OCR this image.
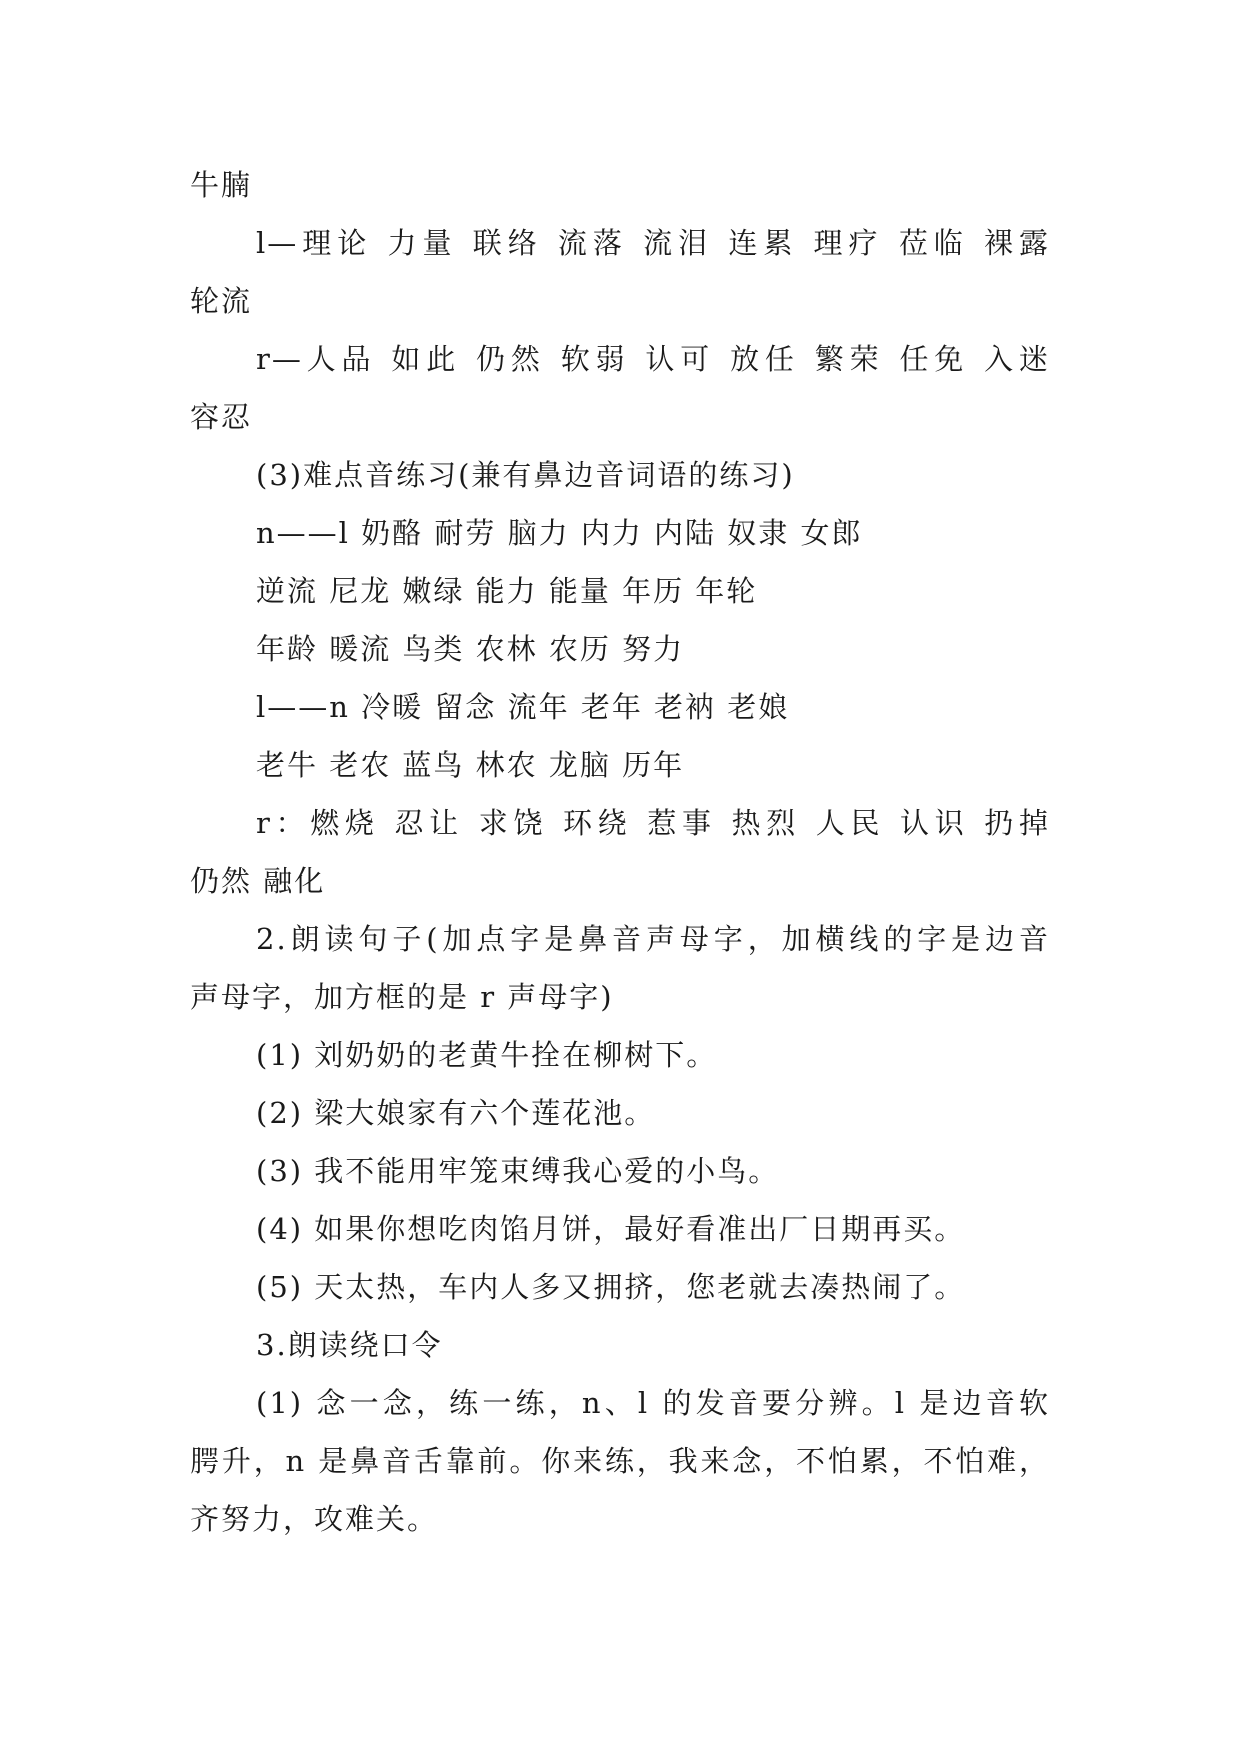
牛腩
l—理论 力量 联络 流落 流泪 连累 理疗 莅临 裸露
轮流
r—人品 如此 仍然 软弱 认可 放任 繁荣 任免 入迷
容忍
(3)难点音练习(兼有鼻边音词语的练习)
n——l 奶酪 耐劳 脑力 内力 内陆 奴隶 女郎
逆流 尼龙 嫩绿 能力 能量 年历 年轮
年龄 暖流 鸟类 农林 农历 努力
l——n 冷暖 留念 流年 老年 老衲 老娘
老牛 老农 蓝鸟 林农 龙脑 历年
r：燃烧 忍让 求饶 环绕 惹事 热烈 人民 认识 扔掉
仍然 融化
2.朗读句子(加点字是鼻音声母字，加横线的字是边音
声母字，加方框的是 r 声母字)
(1) 刘奶奶的老黄牛拴在柳树下。
(2) 梁大娘家有六个莲花池。
(3) 我不能用牢笼束缚我心爱的小鸟。
(4) 如果你想吃肉馅月饼，最好看准出厂日期再买。
(5) 天太热，车内人多又拥挤，您老就去凑热闹了。
3.朗读绕口令
(1) 念一念，练一练，n、l 的发音要分辨。l 是边音软
腭升，n 是鼻音舌靠前。你来练，我来念，不怕累，不怕难，
齐努力，攻难关。
